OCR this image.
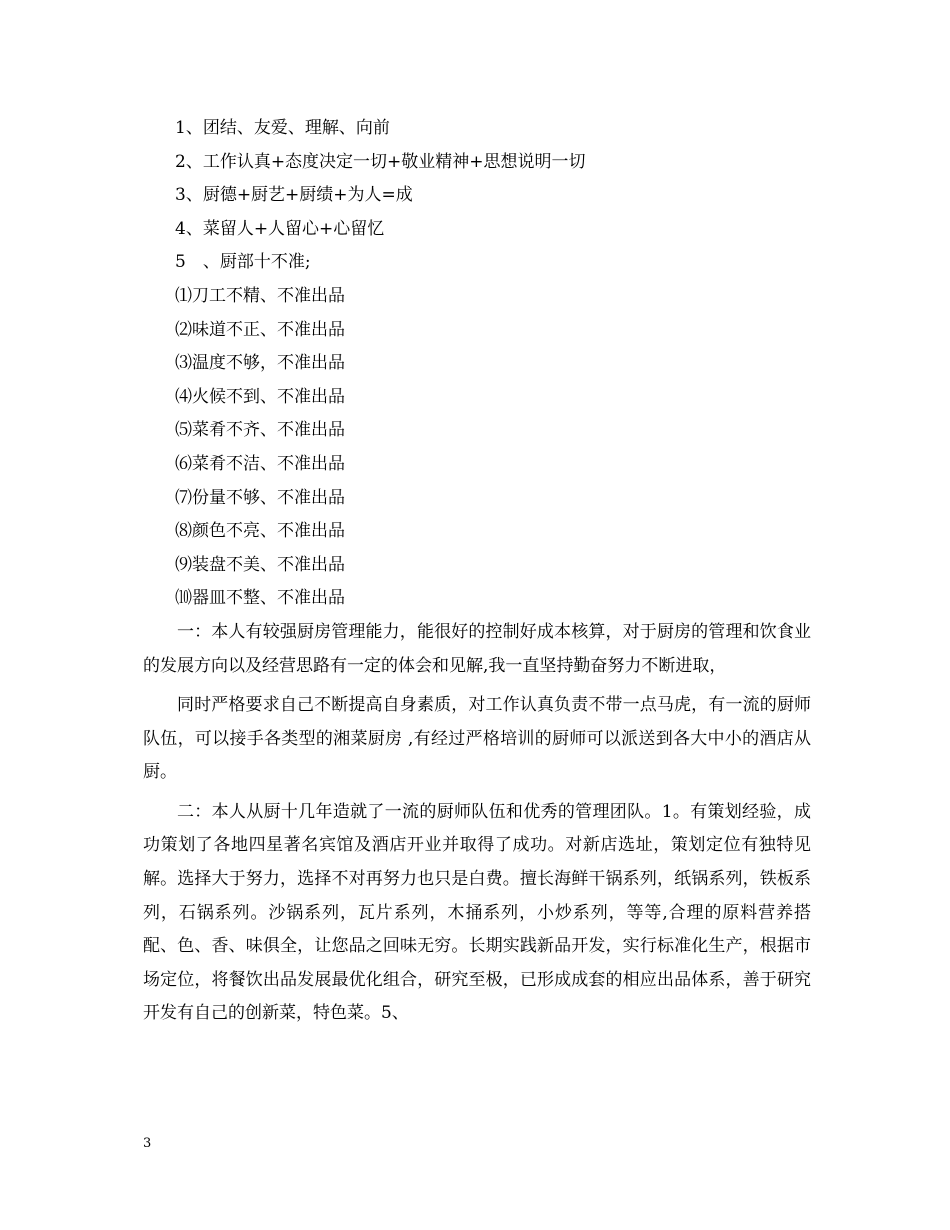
1、团结、友爱、理解、向前
2、工作认真+态度决定一切+敬业精神+思想说明一切
3、厨德+厨艺+厨绩+为人=成
4、菜留人+人留心+心留忆
5　、厨部十不准;
⑴刀工不精、不准出品
⑵味道不正、不准出品
⑶温度不够，不准出品
⑷火候不到、不准出品
⑸菜肴不齐、不准出品
⑹菜肴不洁、不准出品
⑺份量不够、不准出品
⑻颜色不亮、不准出品
⑼装盘不美、不准出品
⑽器皿不整、不准出品

一：本人有较强厨房管理能力，能很好的控制好成本核算，对于厨房的管理和饮食业的发展方向以及经营思路有一定的体会和见解,我一直坚持勤奋努力不断进取，

同时严格要求自己不断提高自身素质，对工作认真负责不带一点马虎，有一流的厨师队伍，可以接手各类型的湘菜厨房 ,有经过严格培训的厨师可以派送到各大中小的酒店从厨。

二：本人从厨十几年造就了一流的厨师队伍和优秀的管理团队。1。有策划经验，成功策划了各地四星著名宾馆及酒店开业并取得了成功。对新店选址，策划定位有独特见解。选择大于努力，选择不对再努力也只是白费。擅长海鲜干锅系列，纸锅系列，铁板系列，石锅系列。沙锅系列，瓦片系列，木捅系列，小炒系列，等等,合理的原料营养搭配、色、香、味俱全，让您品之回味无穷。长期实践新品开发，实行标准化生产，根据市场定位，将餐饮出品发展最优化组合，研究至极，已形成成套的相应出品体系，善于研究开发有自己的创新菜，特色菜。5、

3
